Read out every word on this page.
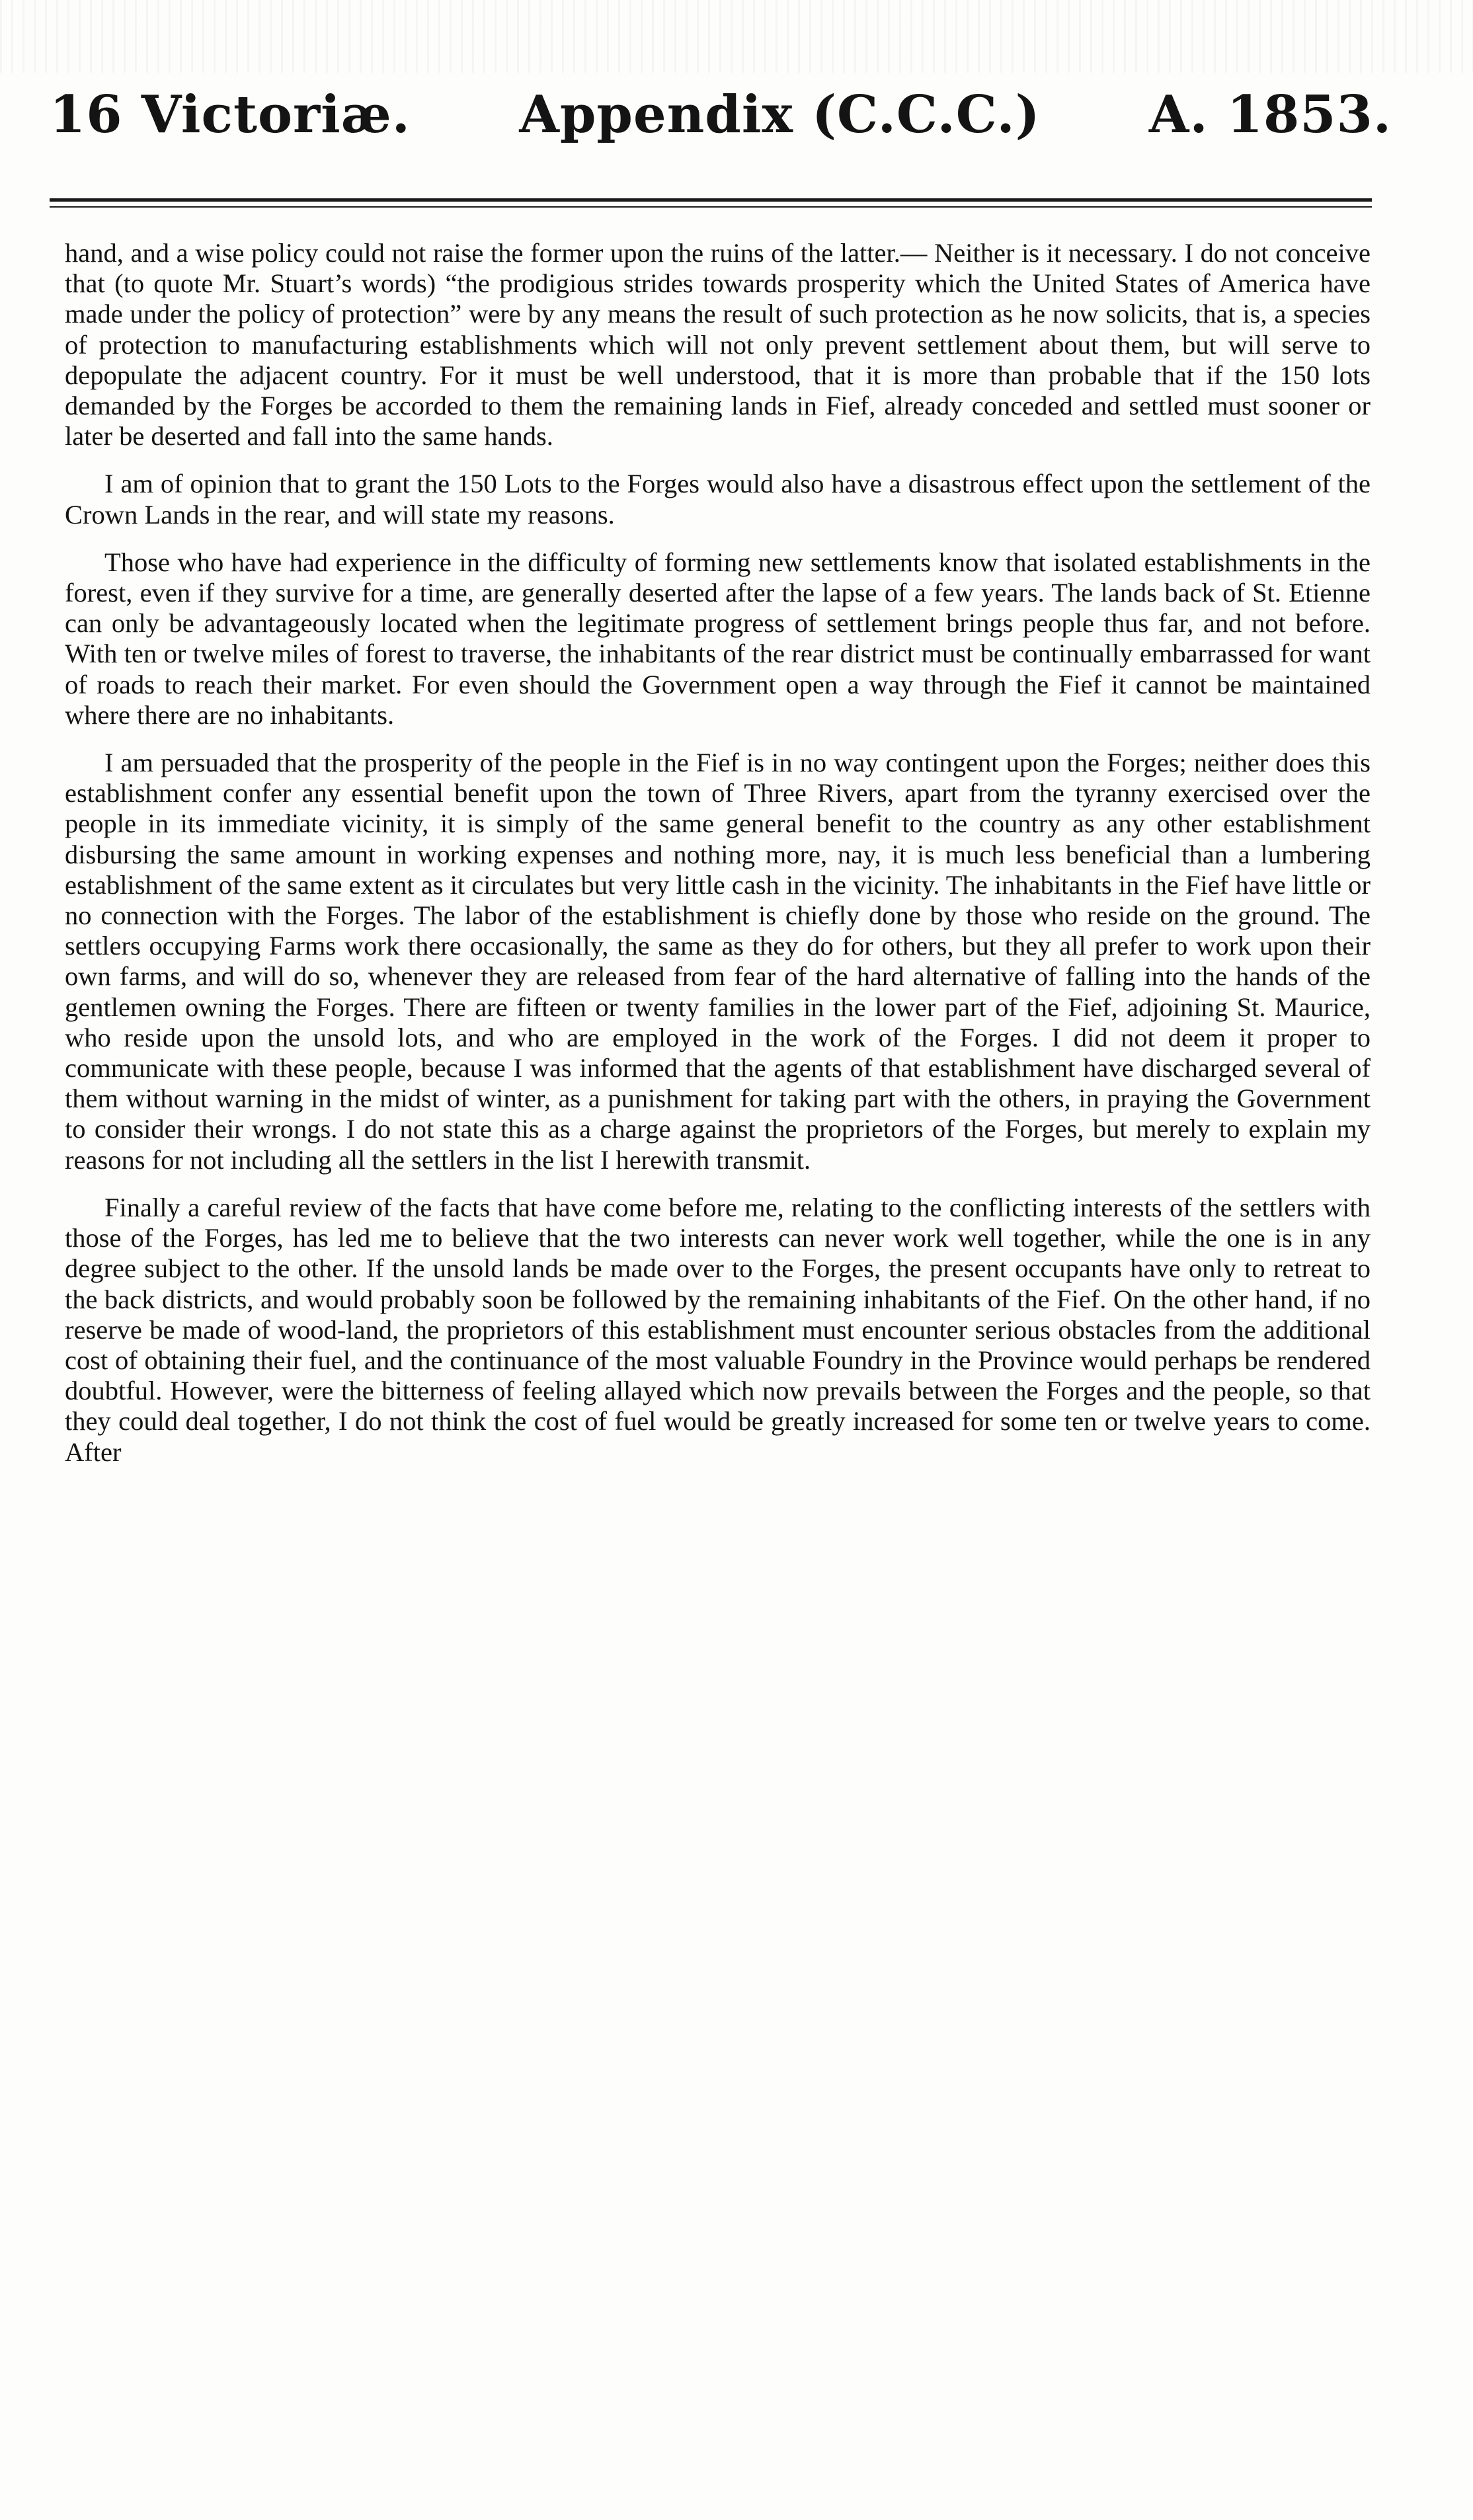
16 Victoriæ. Appendix (C.C.C.) A. 1853.

hand, and a wise policy could not raise the former upon the ruins of the latter.— Neither is it necessary. I do not conceive that (to quote Mr. Stuart’s words) “the prodigious strides towards prosperity which the United States of America have made under the policy of protection” were by any means the result of such protection as he now solicits, that is, a species of protection to manufacturing establishments which will not only prevent settlement about them, but will serve to depopulate the adjacent country. For it must be well understood, that it is more than probable that if the 150 lots demanded by the Forges be accorded to them the remaining lands in Fief, already conceded and settled must sooner or later be deserted and fall into the same hands.

I am of opinion that to grant the 150 Lots to the Forges would also have a disastrous effect upon the settlement of the Crown Lands in the rear, and will state my reasons.

Those who have had experience in the difficulty of forming new settlements know that isolated establishments in the forest, even if they survive for a time, are generally deserted after the lapse of a few years. The lands back of St. Etienne can only be advantageously located when the legitimate progress of settlement brings people thus far, and not before. With ten or twelve miles of forest to traverse, the inhabitants of the rear district must be continually embarrassed for want of roads to reach their market. For even should the Government open a way through the Fief it cannot be maintained where there are no inhabitants.

I am persuaded that the prosperity of the people in the Fief is in no way contingent upon the Forges; neither does this establishment confer any essential benefit upon the town of Three Rivers, apart from the tyranny exercised over the people in its immediate vicinity, it is simply of the same general benefit to the country as any other establishment disbursing the same amount in working expenses and nothing more, nay, it is much less beneficial than a lumbering establishment of the same extent as it circulates but very little cash in the vicinity. The inhabitants in the Fief have little or no connection with the Forges. The labor of the establishment is chiefly done by those who reside on the ground. The settlers occupying Farms work there occasionally, the same as they do for others, but they all prefer to work upon their own farms, and will do so, whenever they are released from fear of the hard alternative of falling into the hands of the gentlemen owning the Forges. There are fifteen or twenty families in the lower part of the Fief, adjoining St. Maurice, who reside upon the unsold lots, and who are employed in the work of the Forges. I did not deem it proper to communicate with these people, because I was informed that the agents of that establishment have discharged several of them without warning in the midst of winter, as a punishment for taking part with the others, in praying the Government to consider their wrongs. I do not state this as a charge against the proprietors of the Forges, but merely to explain my reasons for not including all the settlers in the list I herewith transmit.

Finally a careful review of the facts that have come before me, relating to the conflicting interests of the settlers with those of the Forges, has led me to believe that the two interests can never work well together, while the one is in any degree subject to the other. If the unsold lands be made over to the Forges, the present occupants have only to retreat to the back districts, and would probably soon be followed by the remaining inhabitants of the Fief. On the other hand, if no reserve be made of wood-land, the proprietors of this establishment must encounter serious obstacles from the additional cost of obtaining their fuel, and the continuance of the most valuable Foundry in the Province would perhaps be rendered doubtful. However, were the bitterness of feeling allayed which now prevails between the Forges and the people, so that they could deal together, I do not think the cost of fuel would be greatly increased for some ten or twelve years to come. After
